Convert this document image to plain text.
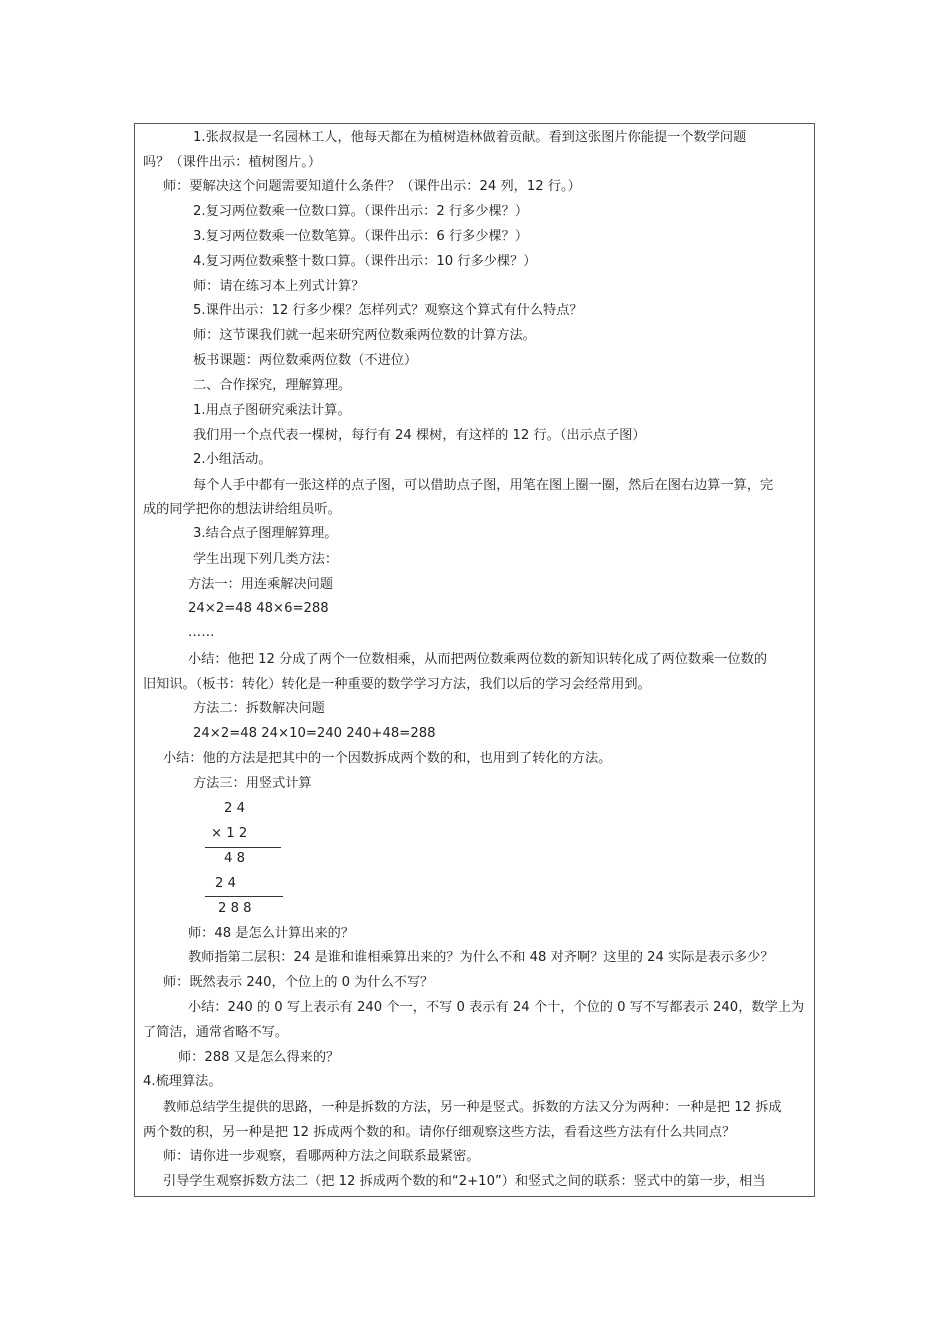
1.张叔叔是一名园林工人，他每天都在为植树造林做着贡献。看到这张图片你能提一个数学问题
吗？（课件出示：植树图片。）
师：要解决这个问题需要知道什么条件？（课件出示：24 列，12 行。）
2.复习两位数乘一位数口算。（课件出示：2 行多少棵？）
3.复习两位数乘一位数笔算。（课件出示：6 行多少棵？）
4.复习两位数乘整十数口算。（课件出示：10 行多少棵？）
师：请在练习本上列式计算？
5.课件出示：12 行多少棵？怎样列式？观察这个算式有什么特点？
师：这节课我们就一起来研究两位数乘两位数的计算方法。
板书课题：两位数乘两位数（不进位）
二、合作探究，理解算理。
1.用点子图研究乘法计算。
我们用一个点代表一棵树，每行有 24 棵树，有这样的 12 行。（出示点子图）
2.小组活动。
每个人手中都有一张这样的点子图，可以借助点子图，用笔在图上圈一圈，然后在图右边算一算，完
成的同学把你的想法讲给组员听。
3.结合点子图理解算理。
学生出现下列几类方法：
方法一：用连乘解决问题
24×2=48 48×6=288
……
小结：他把 12 分成了两个一位数相乘，从而把两位数乘两位数的新知识转化成了两位数乘一位数的
旧知识。（板书：转化）转化是一种重要的数学学习方法，我们以后的学习会经常用到。
方法二：拆数解决问题
24×2=48 24×10=240 240+48=288
小结：他的方法是把其中的一个因数拆成两个数的和，也用到了转化的方法。
方法三：用竖式计算
2 4
× 1 2
4 8
2 4
2 8 8
师：48 是怎么计算出来的？
教师指第二层积：24 是谁和谁相乘算出来的？为什么不和 48 对齐啊？这里的 24 实际是表示多少？
师：既然表示 240，个位上的 0 为什么不写？
小结：240 的 0 写上表示有 240 个一，不写 0 表示有 24 个十，个位的 0 写不写都表示 240，数学上为
了简洁，通常省略不写。
师：288 又是怎么得来的？
4.梳理算法。
教师总结学生提供的思路，一种是拆数的方法，另一种是竖式。拆数的方法又分为两种：一种是把 12 拆成
两个数的积，另一种是把 12 拆成两个数的和。请你仔细观察这些方法，看看这些方法有什么共同点？
师：请你进一步观察，看哪两种方法之间联系最紧密。
引导学生观察拆数方法二（把 12 拆成两个数的和“2+10”）和竖式之间的联系：竖式中的第一步，相当
